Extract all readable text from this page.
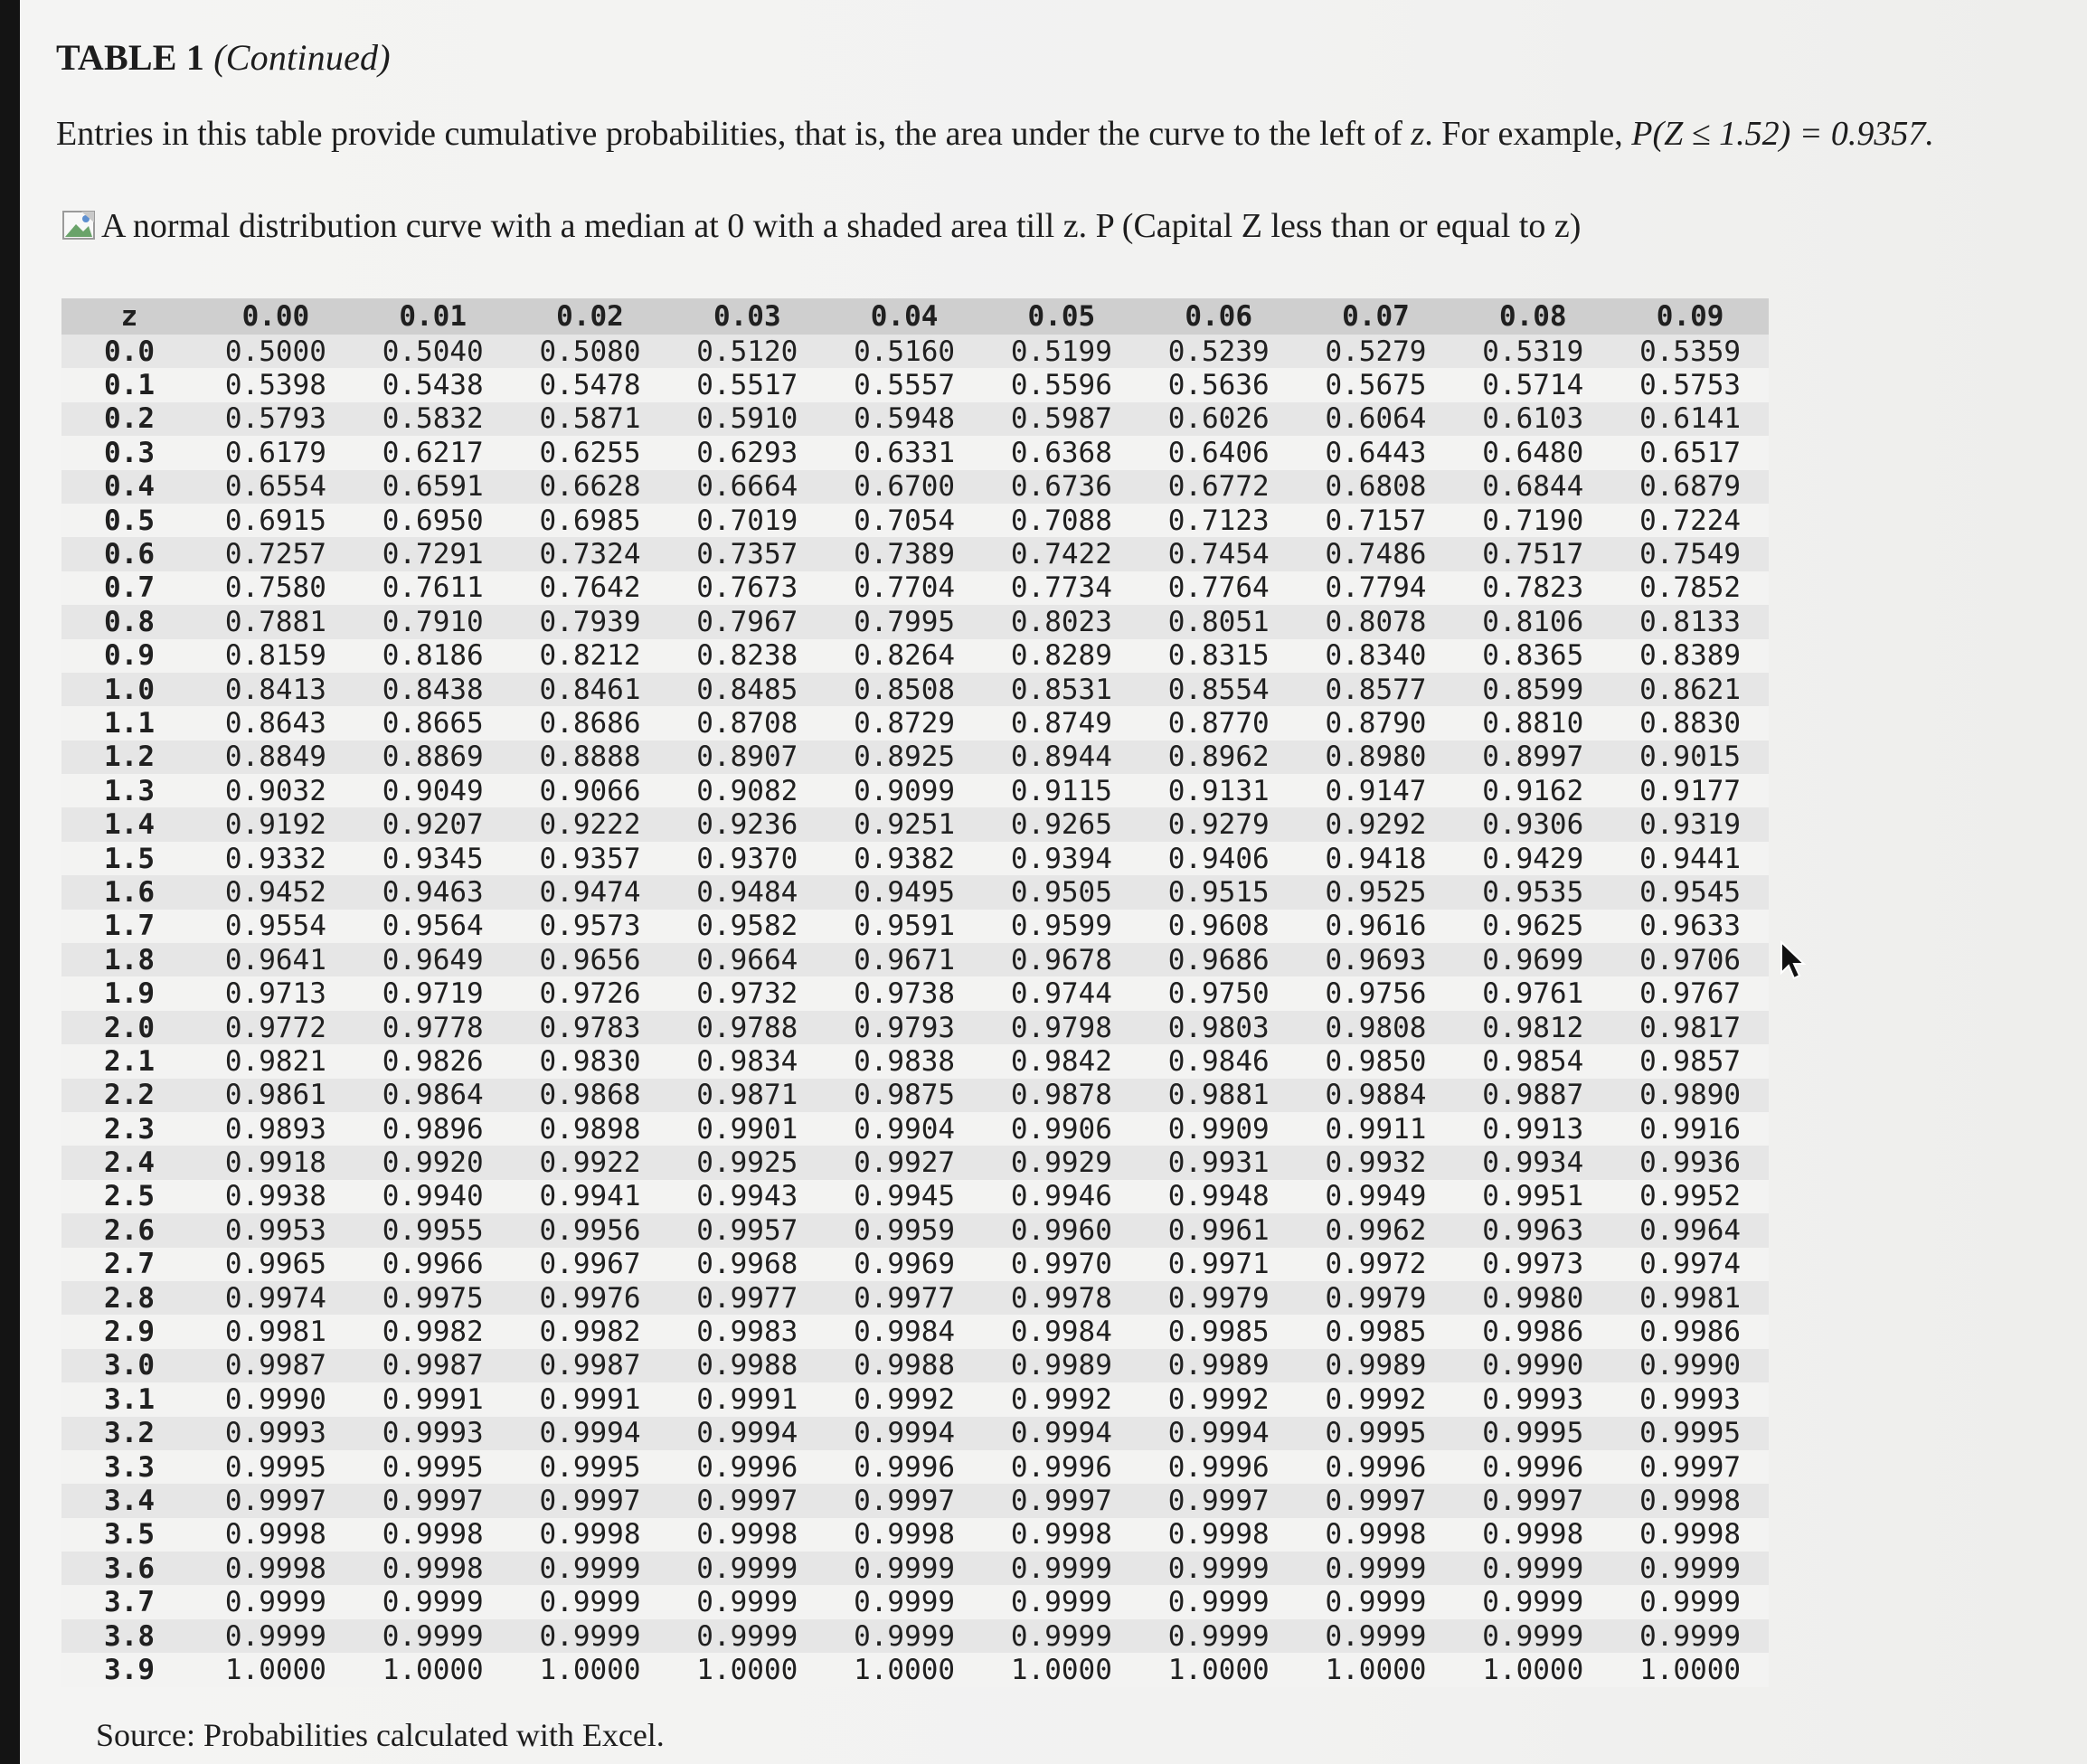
TABLE 1 (Continued)
Entries in this table provide cumulative probabilities, that is, the area under the curve to the left of z. For example, P(Z ≤ 1.52) = 0.9357.
A normal distribution curve with a median at 0 with a shaded area till z. P (Capital Z less than or equal to z)
z	0.00	0.01	0.02	0.03	0.04	0.05	0.06	0.07	0.08	0.09
0.0	0.5000	0.5040	0.5080	0.5120	0.5160	0.5199	0.5239	0.5279	0.5319	0.5359
0.1	0.5398	0.5438	0.5478	0.5517	0.5557	0.5596	0.5636	0.5675	0.5714	0.5753
0.2	0.5793	0.5832	0.5871	0.5910	0.5948	0.5987	0.6026	0.6064	0.6103	0.6141
0.3	0.6179	0.6217	0.6255	0.6293	0.6331	0.6368	0.6406	0.6443	0.6480	0.6517
0.4	0.6554	0.6591	0.6628	0.6664	0.6700	0.6736	0.6772	0.6808	0.6844	0.6879
0.5	0.6915	0.6950	0.6985	0.7019	0.7054	0.7088	0.7123	0.7157	0.7190	0.7224
0.6	0.7257	0.7291	0.7324	0.7357	0.7389	0.7422	0.7454	0.7486	0.7517	0.7549
0.7	0.7580	0.7611	0.7642	0.7673	0.7704	0.7734	0.7764	0.7794	0.7823	0.7852
0.8	0.7881	0.7910	0.7939	0.7967	0.7995	0.8023	0.8051	0.8078	0.8106	0.8133
0.9	0.8159	0.8186	0.8212	0.8238	0.8264	0.8289	0.8315	0.8340	0.8365	0.8389
1.0	0.8413	0.8438	0.8461	0.8485	0.8508	0.8531	0.8554	0.8577	0.8599	0.8621
1.1	0.8643	0.8665	0.8686	0.8708	0.8729	0.8749	0.8770	0.8790	0.8810	0.8830
1.2	0.8849	0.8869	0.8888	0.8907	0.8925	0.8944	0.8962	0.8980	0.8997	0.9015
1.3	0.9032	0.9049	0.9066	0.9082	0.9099	0.9115	0.9131	0.9147	0.9162	0.9177
1.4	0.9192	0.9207	0.9222	0.9236	0.9251	0.9265	0.9279	0.9292	0.9306	0.9319
1.5	0.9332	0.9345	0.9357	0.9370	0.9382	0.9394	0.9406	0.9418	0.9429	0.9441
1.6	0.9452	0.9463	0.9474	0.9484	0.9495	0.9505	0.9515	0.9525	0.9535	0.9545
1.7	0.9554	0.9564	0.9573	0.9582	0.9591	0.9599	0.9608	0.9616	0.9625	0.9633
1.8	0.9641	0.9649	0.9656	0.9664	0.9671	0.9678	0.9686	0.9693	0.9699	0.9706
1.9	0.9713	0.9719	0.9726	0.9732	0.9738	0.9744	0.9750	0.9756	0.9761	0.9767
2.0	0.9772	0.9778	0.9783	0.9788	0.9793	0.9798	0.9803	0.9808	0.9812	0.9817
2.1	0.9821	0.9826	0.9830	0.9834	0.9838	0.9842	0.9846	0.9850	0.9854	0.9857
2.2	0.9861	0.9864	0.9868	0.9871	0.9875	0.9878	0.9881	0.9884	0.9887	0.9890
2.3	0.9893	0.9896	0.9898	0.9901	0.9904	0.9906	0.9909	0.9911	0.9913	0.9916
2.4	0.9918	0.9920	0.9922	0.9925	0.9927	0.9929	0.9931	0.9932	0.9934	0.9936
2.5	0.9938	0.9940	0.9941	0.9943	0.9945	0.9946	0.9948	0.9949	0.9951	0.9952
2.6	0.9953	0.9955	0.9956	0.9957	0.9959	0.9960	0.9961	0.9962	0.9963	0.9964
2.7	0.9965	0.9966	0.9967	0.9968	0.9969	0.9970	0.9971	0.9972	0.9973	0.9974
2.8	0.9974	0.9975	0.9976	0.9977	0.9977	0.9978	0.9979	0.9979	0.9980	0.9981
2.9	0.9981	0.9982	0.9982	0.9983	0.9984	0.9984	0.9985	0.9985	0.9986	0.9986
3.0	0.9987	0.9987	0.9987	0.9988	0.9988	0.9989	0.9989	0.9989	0.9990	0.9990
3.1	0.9990	0.9991	0.9991	0.9991	0.9992	0.9992	0.9992	0.9992	0.9993	0.9993
3.2	0.9993	0.9993	0.9994	0.9994	0.9994	0.9994	0.9994	0.9995	0.9995	0.9995
3.3	0.9995	0.9995	0.9995	0.9996	0.9996	0.9996	0.9996	0.9996	0.9996	0.9997
3.4	0.9997	0.9997	0.9997	0.9997	0.9997	0.9997	0.9997	0.9997	0.9997	0.9998
3.5	0.9998	0.9998	0.9998	0.9998	0.9998	0.9998	0.9998	0.9998	0.9998	0.9998
3.6	0.9998	0.9998	0.9999	0.9999	0.9999	0.9999	0.9999	0.9999	0.9999	0.9999
3.7	0.9999	0.9999	0.9999	0.9999	0.9999	0.9999	0.9999	0.9999	0.9999	0.9999
3.8	0.9999	0.9999	0.9999	0.9999	0.9999	0.9999	0.9999	0.9999	0.9999	0.9999
3.9	1.0000	1.0000	1.0000	1.0000	1.0000	1.0000	1.0000	1.0000	1.0000	1.0000
Source: Probabilities calculated with Excel.
